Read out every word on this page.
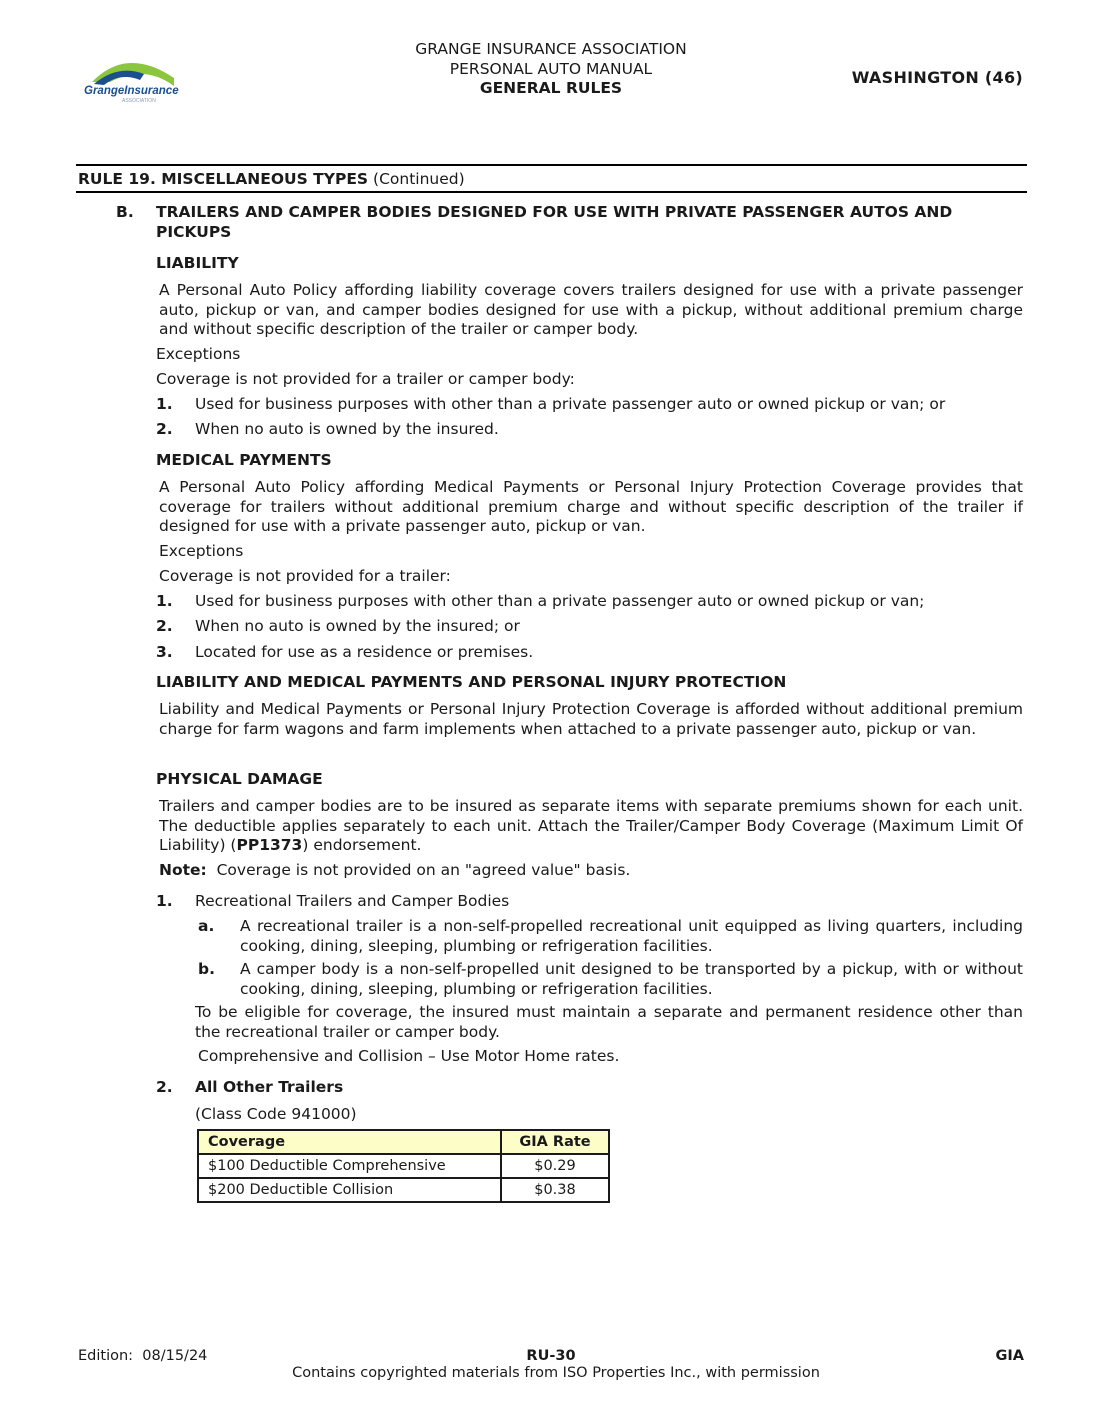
GrangeInsurance
ASSOCIATION
GRANGE INSURANCE ASSOCIATION
PERSONAL AUTO MANUAL
GENERAL RULES
WASHINGTON (46)
RULE 19. MISCELLANEOUS TYPES (Continued)
B. TRAILERS AND CAMPER BODIES DESIGNED FOR USE WITH PRIVATE PASSENGER AUTOS AND
PICKUPS
LIABILITY
A Personal Auto Policy affording liability coverage covers trailers designed for use with a private passenger auto, pickup or van, and camper bodies designed for use with a pickup, without additional premium charge and without specific description of the trailer or camper body.
Exceptions
Coverage is not provided for a trailer or camper body:
1. Used for business purposes with other than a private passenger auto or owned pickup or van; or
2. When no auto is owned by the insured.
MEDICAL PAYMENTS
A Personal Auto Policy affording Medical Payments or Personal Injury Protection Coverage provides that coverage for trailers without additional premium charge and without specific description of the trailer if designed for use with a private passenger auto, pickup or van.
Exceptions
Coverage is not provided for a trailer:
1. Used for business purposes with other than a private passenger auto or owned pickup or van;
2. When no auto is owned by the insured; or
3. Located for use as a residence or premises.
LIABILITY AND MEDICAL PAYMENTS AND PERSONAL INJURY PROTECTION
Liability and Medical Payments or Personal Injury Protection Coverage is afforded without additional premium charge for farm wagons and farm implements when attached to a private passenger auto, pickup or van.
PHYSICAL DAMAGE
Trailers and camper bodies are to be insured as separate items with separate premiums shown for each unit. The deductible applies separately to each unit. Attach the Trailer/Camper Body Coverage (Maximum Limit Of Liability) (PP1373) endorsement.
Note:  Coverage is not provided on an "agreed value" basis.
1. Recreational Trailers and Camper Bodies
a. A recreational trailer is a non-self-propelled recreational unit equipped as living quarters, including cooking, dining, sleeping, plumbing or refrigeration facilities.
b. A camper body is a non-self-propelled unit designed to be transported by a pickup, with or without cooking, dining, sleeping, plumbing or refrigeration facilities.
To be eligible for coverage, the insured must maintain a separate and permanent residence other than the recreational trailer or camper body.
Comprehensive and Collision – Use Motor Home rates.
2. All Other Trailers
(Class Code 941000)
Coverage	GIA Rate
$100 Deductible Comprehensive	$0.29
$200 Deductible Collision	$0.38
Edition:  08/15/24	RU-30	GIA
Contains copyrighted materials from ISO Properties Inc., with permission
